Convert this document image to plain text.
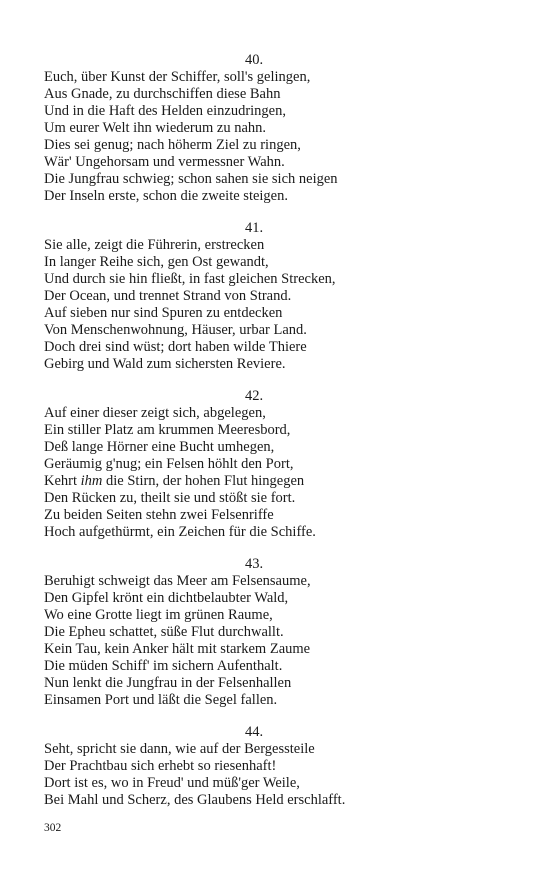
40.
Euch, über Kunst der Schiffer, soll's gelingen,
Aus Gnade, zu durchschiffen diese Bahn
Und in die Haft des Helden einzudringen,
Um eurer Welt ihn wiederum zu nahn.
Dies sei genug; nach höherm Ziel zu ringen,
Wär' Ungehorsam und vermessner Wahn.
Die Jungfrau schwieg; schon sahen sie sich neigen
Der Inseln erste, schon die zweite steigen.
41.
Sie alle, zeigt die Führerin, erstrecken
In langer Reihe sich, gen Ost gewandt,
Und durch sie hin fließt, in fast gleichen Strecken,
Der Ocean, und trennet Strand von Strand.
Auf sieben nur sind Spuren zu entdecken
Von Menschenwohnung, Häuser, urbar Land.
Doch drei sind wüst; dort haben wilde Thiere
Gebirg und Wald zum sichersten Reviere.
42.
Auf einer dieser zeigt sich, abgelegen,
Ein stiller Platz am krummen Meeresbord,
Deß lange Hörner eine Bucht umhegen,
Geräumig g'nug; ein Felsen höhlt den Port,
Kehrt ihm die Stirn, der hohen Flut hingegen
Den Rücken zu, theilt sie und stößt sie fort.
Zu beiden Seiten stehn zwei Felsenriffe
Hoch aufgethürmt, ein Zeichen für die Schiffe.
43.
Beruhigt schweigt das Meer am Felsensaume,
Den Gipfel krönt ein dichtbelaubter Wald,
Wo eine Grotte liegt im grünen Raume,
Die Epheu schattet, süße Flut durchwallt.
Kein Tau, kein Anker hält mit starkem Zaume
Die müden Schiff' im sichern Aufenthalt.
Nun lenkt die Jungfrau in der Felsenhallen
Einsamen Port und läßt die Segel fallen.
44.
Seht, spricht sie dann, wie auf der Bergessteile
Der Prachtbau sich erhebt so riesenhaft!
Dort ist es, wo in Freud' und müß'ger Weile,
Bei Mahl und Scherz, des Glaubens Held erschlafft.
302
